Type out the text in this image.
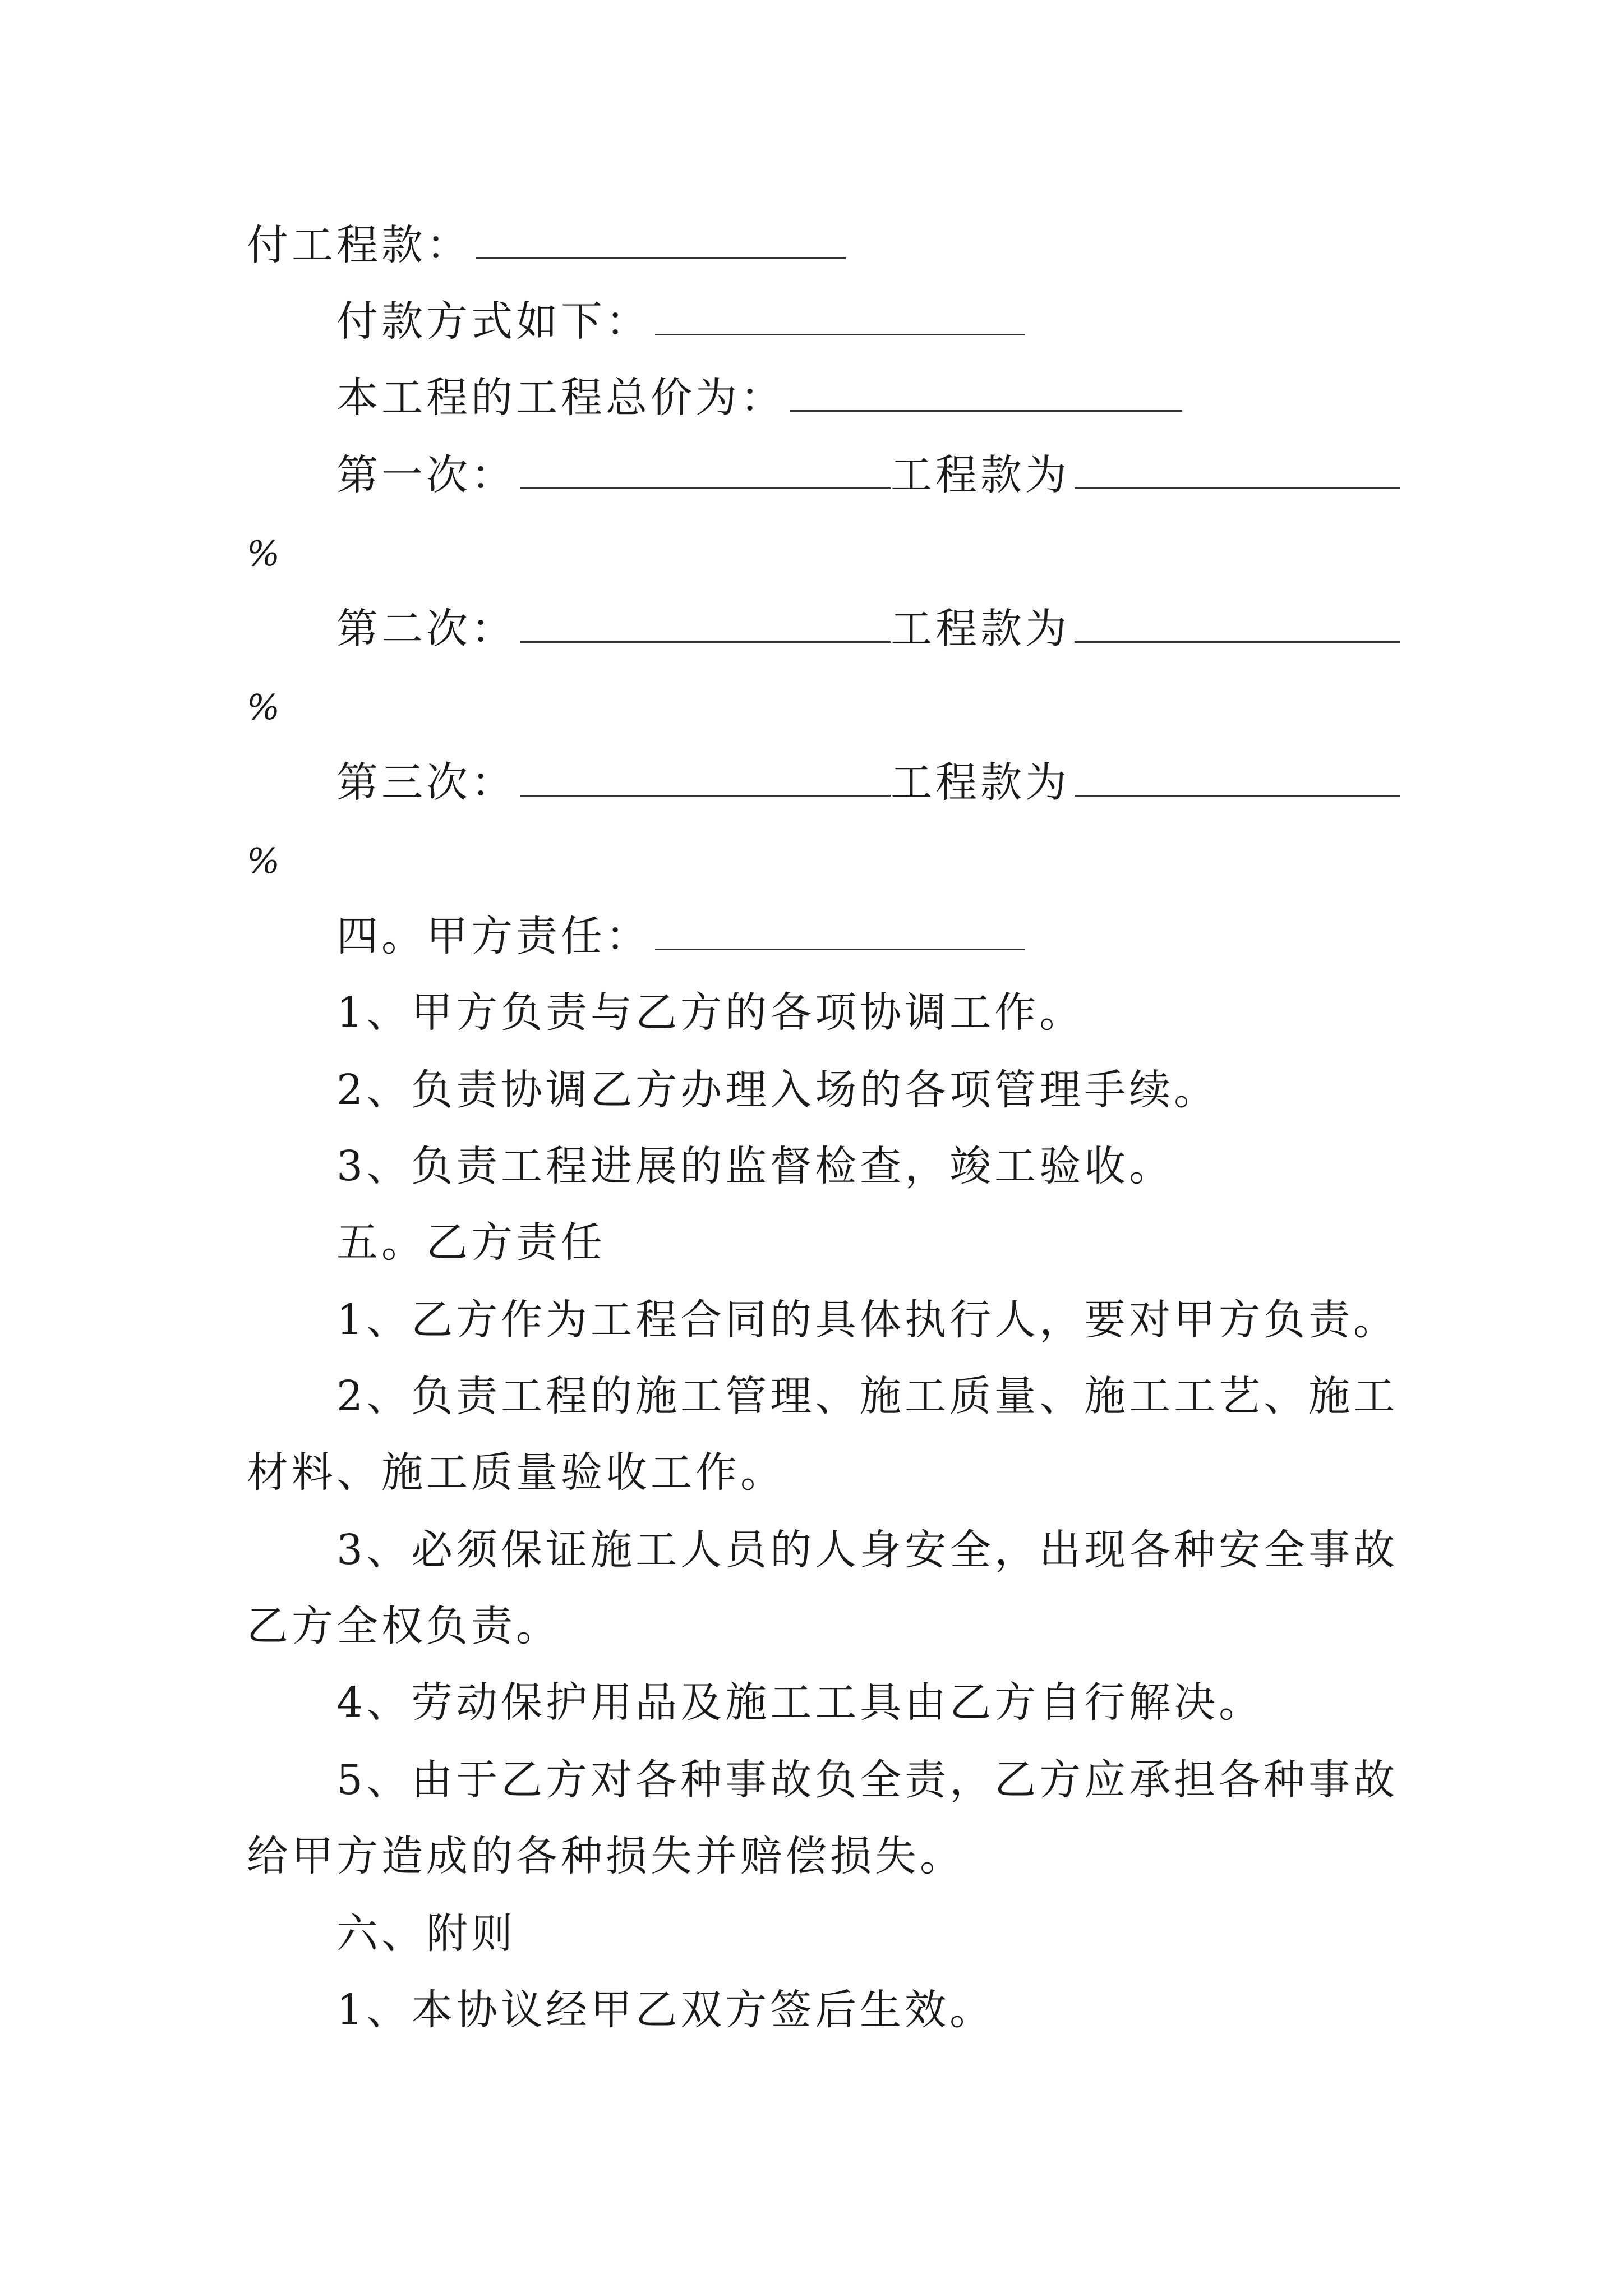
付工程款：
付款方式如下：
本工程的工程总价为：
第一次：	工程款为
%
第二次：	工程款为
%
第三次：	工程款为
%
四。甲方责任：
1、甲方负责与乙方的各项协调工作。
2、负责协调乙方办理入场的各项管理手续。
3、负责工程进展的监督检查，竣工验收。
五。乙方责任
1、乙方作为工程合同的具体执行人，要对甲方负责。
2、负责工程的施工管理、施工质量、施工工艺、施工
材料、施工质量验收工作。
3、必须保证施工人员的人身安全，出现各种安全事故
乙方全权负责。
4、劳动保护用品及施工工具由乙方自行解决。
5、由于乙方对各种事故负全责，乙方应承担各种事故
给甲方造成的各种损失并赔偿损失。
六、附则
1、本协议经甲乙双方签后生效。
